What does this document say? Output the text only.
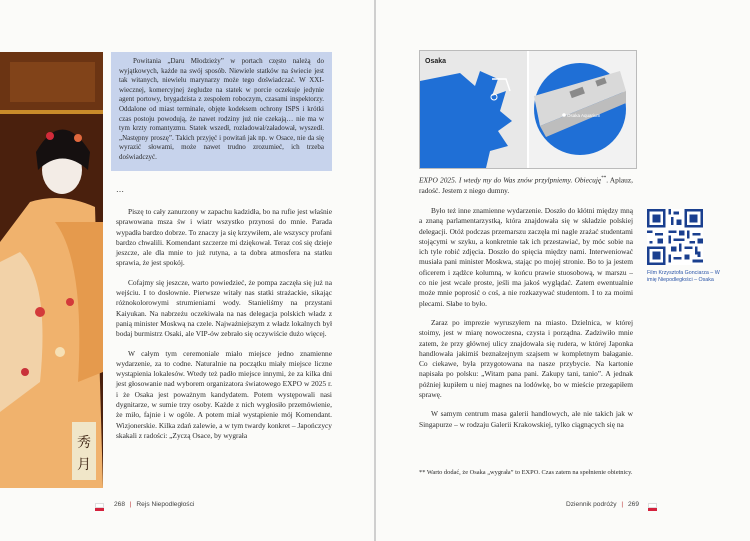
秀
月

Powitania „Daru Młodzieży” w portach często należą do wyjątkowych, każde na swój sposób. Niewiele statków na świecie jest tak witanych, niewielu marynarzy może tego doświadczać. W XXI-wiecznej, komercyjnej żegludze na statek w porcie oczekuje jedynie agent portowy, brygadzista z zespołem roboczym, czasami inspektorzy. Oddalone od miast terminale, objęte kodeksem ochrony ISPS i krótki czas postoju powodują, że nawet rodziny już nie czekają… nie ma w tym krzty romantyzmu. Statek wszedł, rozładował/załadował, wyszedł. „Następny proszę”. Takich przyjęć i powitań jak np. w Osace, nie da się wyrazić słowami, może nawet trudno zrozumieć, ich trzeba doświadczyć.

…

Piszę to cały zanurzony w zapachu kadzidła, bo na rufie jest właśnie sprawowana msza św i wiatr wszystko przynosi do mnie. Parada wypadła bardzo dobrze. To znaczy ja się krzywiłem, ale wszyscy profani bardzo chwalili. Komendant szczerze mi dziękował. Teraz coś się dzieje jeszcze, ale dla mnie to już rutyna, a ta dobra atmosfera na statku sprawia, że jest spokój.

Cofajmy się jeszcze, warto powiedzieć, że pompa zaczęła się już na wejściu. I to dosłownie. Pierwsze witały nas statki strażackie, sikając różnokolorowymi strumieniami wody. Stanieliśmy na przystani Kaiyukan. Na nabrzeżu oczekiwała na nas delegacja polskich władz z panią minister Moskwą na czele. Najważniejszym z władz lokalnych był bodaj burmistrz Osaki, ale VIP-ów zebrało się oczywiście dużo więcej.

W całym tym ceremoniale miało miejsce jedno znamienne wydarzenie, za to codne. Naturalnie na początku miały miejsce liczne wystąpienia lokalesów. Wtedy też padło miejsce innymi, że za kilka dni jest głosowanie nad wyborem organizatora światowego EXPO w 2025 r. i że Osaka jest poważnym kandydatem. Potem występowali nasi dygnitarze, w sumie trzy osoby. Każde z nich wygłosiło przemówienie, że miło, fajnie i w ogóle. A potem miał wystąpienie mój Komendant. Wizjonerskie. Kilka zdań zalewie, a w tym twardy konkret – Japończycy skakali z radości: „Zyczą Osace, by wygrała

268 | Rejs Niepodległości
Osaka
Osaka Aquarium
EXPO 2025. I wtedy my do Was znów przylpniemy. Obiecuję**. Aplauz, radość. Jestem z niego dumny.

Było też inne znamienne wydarzenie. Doszło do kłótni między mną a znaną parlamentarzystką, która znajdowała się w składzie polskiej delegacji. Otóż podczas przemarszu zaczęła mi nagle zrażać studentami stojącymi w szyku, a konkretnie tak ich przestawiać, by móc sobie na ich tyle robić zdjęcia. Doszło do spięcia między nami. Interweniować musiała pani minister Moskwa, stając po mojej stronie. Bo to ja jestem oficerem i ządźce kolumną, w końcu prawie stuosobową, w marszu – co nie jest wcale proste, jeśli ma jakoś wyglądać. Zatem ewentualnie może mnie poprosić o coś, a nie rozkazywać studentom. I to za moimi plecami. Słabe to było.

Zaraz po imprezie wyruszyłem na miasto. Dzielnica, w której stoimy, jest w miarę nowoczesna, czysta i porządna. Zadziwiło mnie zatem, że przy głównej ulicy znajdowała się rudera, w której Japonka handlowała jakimiś beznałzejnym szajsem w kompletnym bałaganie. Co ciekawe, była przygotowana na nasze przybycie. Na kartonie napisała po polsku: „Witam pana pani. Zakupy tani, tanio”. A jednak później kupiłem u niej magnes na lodówkę, bo w mieście przegapiłem sprawę.

W samym centrum masa galerii handlowych, ale nie takich jak w Singapurze – w rodzaju Galerii Krakowskiej, tylko ciągnących się na

Film Krzysztofa Gonciarza – W imię Niepodległości – Osaka
** Warto dodać, że Osaka „wygrała” to EXPO. Czas zatem na spełnienie obietnicy.
Dziennik podróży | 269
